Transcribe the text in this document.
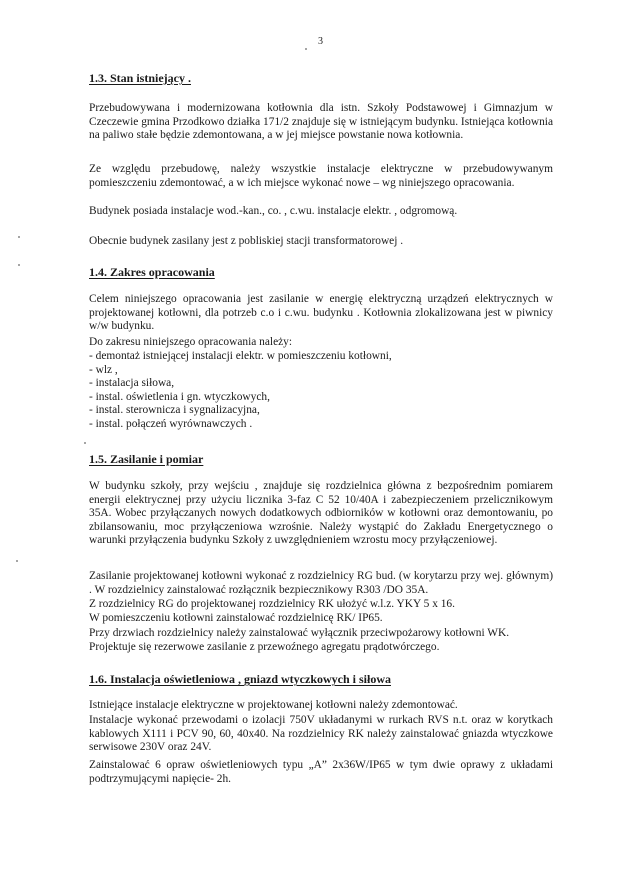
3
1.3. Stan istniejący .
Przebudowywana i modernizowana kotłownia dla istn. Szkoły Podstawowej i Gimnazjum w Czeczewie gmina Przodkowo działka 171/2 znajduje się w istniejącym budynku. Istniejąca kotłownia na paliwo stałe będzie zdemontowana, a w jej miejsce powstanie nowa kotłownia.
Ze względu przebudowę, należy wszystkie instalacje elektryczne w przebudowywanym pomieszczeniu zdemontować, a w ich miejsce wykonać nowe – wg niniejszego opracowania.
Budynek posiada instalacje wod.-kan., co. , c.wu. instalacje elektr. , odgromową.
Obecnie budynek zasilany jest z pobliskiej stacji transformatorowej .
1.4. Zakres opracowania
Celem niniejszego opracowania jest zasilanie w energię elektryczną urządzeń elektrycznych w projektowanej kotłowni, dla potrzeb c.o i c.wu. budynku . Kotłownia zlokalizowana jest w piwnicy w/w budynku.
Do zakresu niniejszego opracowania należy:
- demontaż istniejącej instalacji elektr. w pomieszczeniu kotłowni,
- wlz ,
- instalacja siłowa,
- instal. oświetlenia i gn. wtyczkowych,
- instal. sterownicza i sygnalizacyjna,
- instal. połączeń wyrównawczych .
1.5. Zasilanie i pomiar
W budynku szkoły, przy wejściu , znajduje się rozdzielnica główna z bezpośrednim pomiarem energii elektrycznej przy użyciu licznika 3-faz C 52 10/40A i zabezpieczeniem przelicznikowym 35A. Wobec przyłączanych nowych dodatkowych odbiorników w kotłowni oraz demontowaniu, po zbilansowaniu, moc przyłączeniowa wzrośnie. Należy wystąpić do Zakładu Energetycznego o warunki przyłączenia budynku Szkoły z uwzględnieniem wzrostu mocy przyłączeniowej.
Zasilanie projektowanej kotłowni wykonać z rozdzielnicy RG bud. (w korytarzu przy wej. głównym) . W rozdzielnicy zainstalować rozłącznik bezpiecznikowy R303 /DO 35A.
Z rozdzielnicy RG do projektowanej rozdzielnicy RK ułożyć w.l.z. YKY 5 x 16.
W pomieszczeniu kotłowni zainstalować rozdzielnicę RK/ IP65.
Przy drzwiach rozdzielnicy należy zainstalować wyłącznik przeciwpożarowy kotłowni WK.
Projektuje się rezerwowe zasilanie z przewoźnego agregatu prądotwórczego.
1.6. Instalacja oświetleniowa , gniazd wtyczkowych i siłowa
Istniejące instalacje elektryczne w projektowanej kotłowni należy zdemontować.
Instalacje wykonać przewodami o izolacji 750V układanymi w rurkach RVS n.t. oraz w korytkach kablowych X111 i PCV 90, 60, 40x40. Na rozdzielnicy RK należy zainstalować gniazda wtyczkowe serwisowe 230V oraz 24V.
Zainstalować 6 opraw oświetleniowych typu „A” 2x36W/IP65 w tym dwie oprawy z układami podtrzymującymi napięcie- 2h.
